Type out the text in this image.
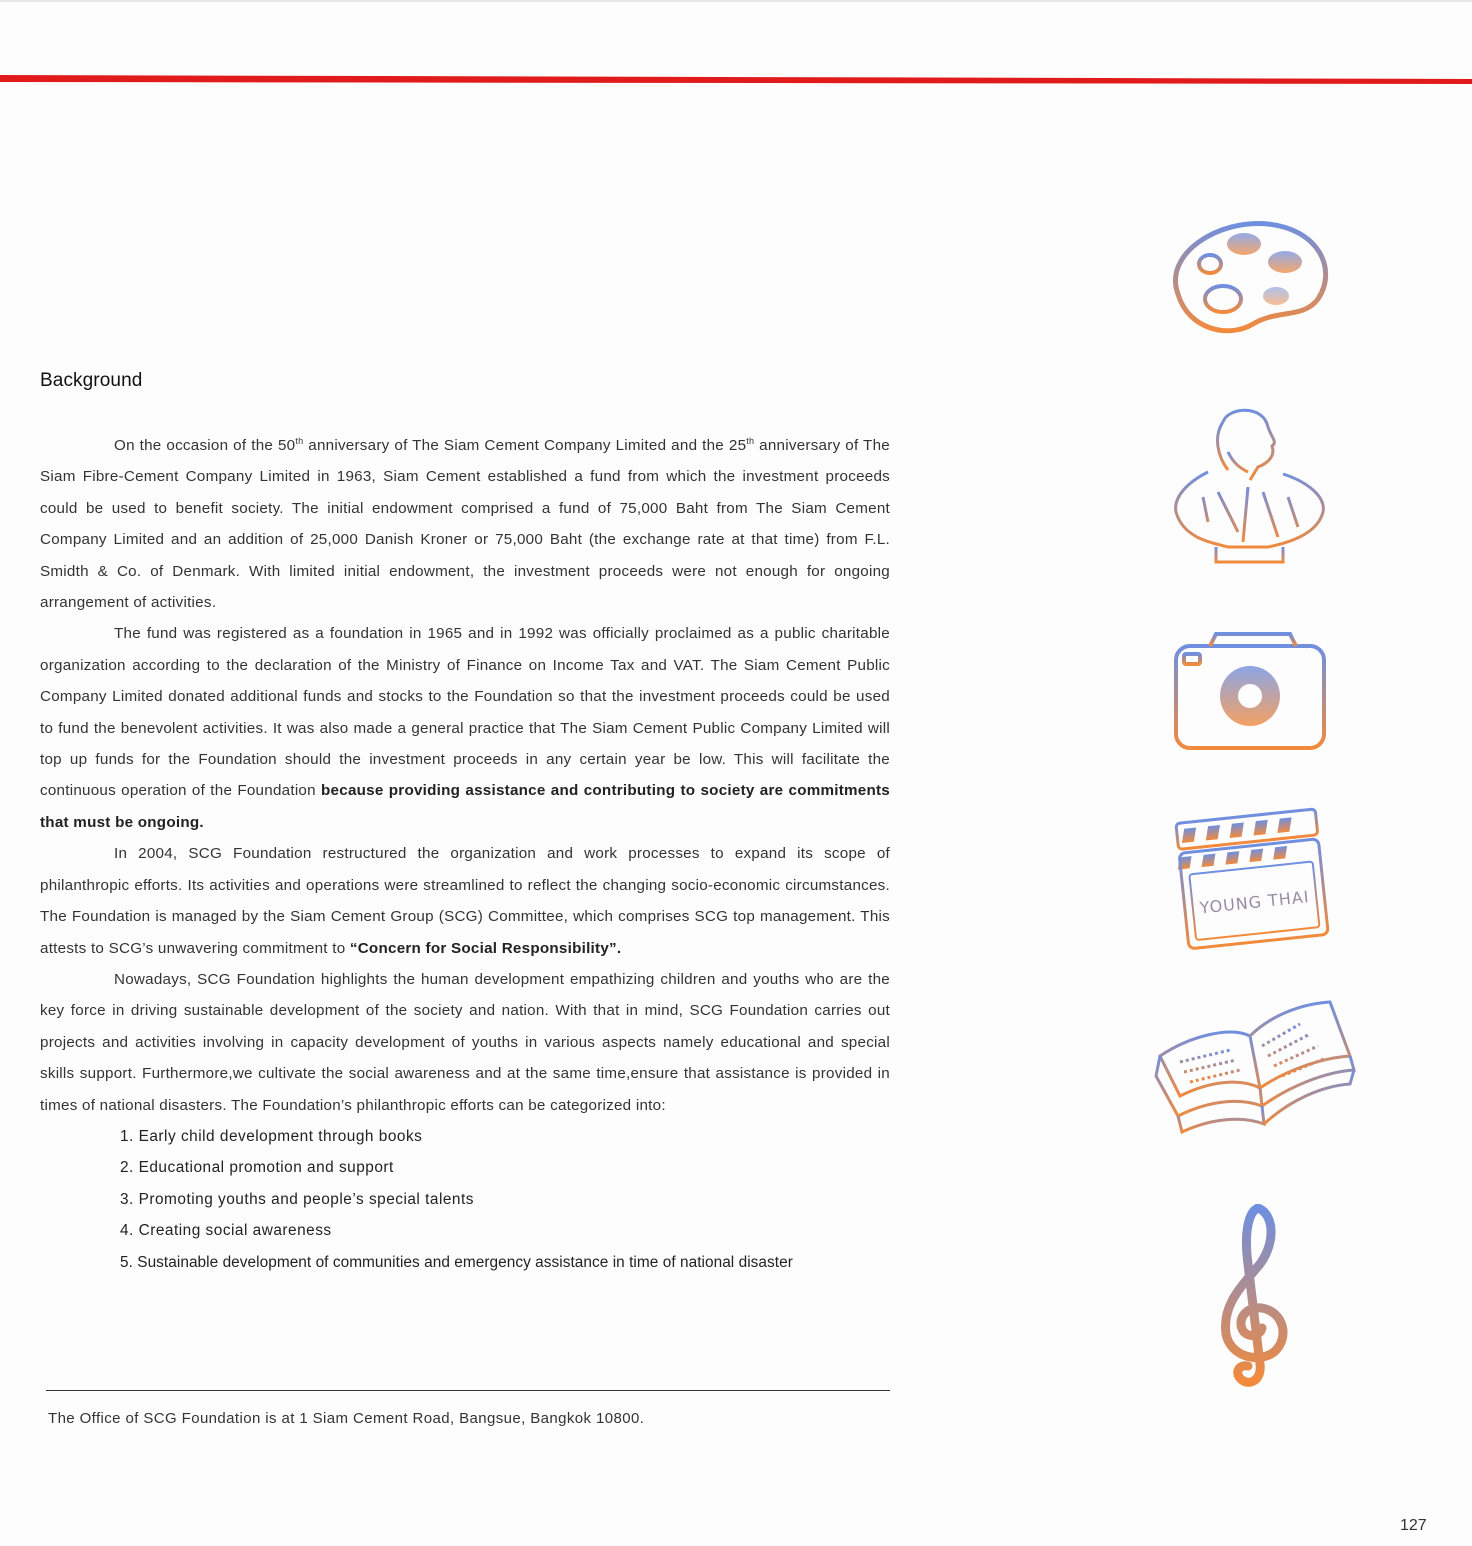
Background

On the occasion of the 50th anniversary of The Siam Cement Company Limited and the 25th anniversary of The Siam Fibre-Cement Company Limited in 1963, Siam Cement established a fund from which the investment proceeds could be used to benefit society. The initial endowment comprised a fund of 75,000 Baht from The Siam Cement Company Limited and an addition of 25,000 Danish Kroner or 75,000 Baht (the exchange rate at that time) from F.L. Smidth & Co. of Denmark. With limited initial endowment, the investment proceeds were not enough for ongoing arrangement of activities.

The fund was registered as a foundation in 1965 and in 1992 was officially proclaimed as a public charitable organization according to the declaration of the Ministry of Finance on Income Tax and VAT. The Siam Cement Public Company Limited donated additional funds and stocks to the Foundation so that the investment proceeds could be used to fund the benevolent activities. It was also made a general practice that The Siam Cement Public Company Limited will top up funds for the Foundation should the investment proceeds in any certain year be low. This will facilitate the continuous operation of the Foundation because providing assistance and contributing to society are commitments that must be ongoing.

In 2004, SCG Foundation restructured the organization and work processes to expand its scope of philanthropic efforts. Its activities and operations were streamlined to reflect the changing socio-economic circumstances. The Foundation is managed by the Siam Cement Group (SCG) Committee, which comprises SCG top management. This attests to SCG’s unwavering commitment to “Concern for Social Responsibility”.

Nowadays, SCG Foundation highlights the human development empathizing children and youths who are the key force in driving sustainable development of the society and nation. With that in mind, SCG Foundation carries out projects and activities involving in capacity development of youths in various aspects namely educational and special skills support. Furthermore,we cultivate the social awareness and at the same time,ensure that assistance is provided in times of national disasters. The Foundation’s philanthropic efforts can be categorized into:

1. Early child development through books
2. Educational promotion and support
3. Promoting youths and people’s special talents
4. Creating social awareness
5. Sustainable development of communities and emergency assistance in time of national disaster
The Office of SCG Foundation is at 1 Siam Cement Road, Bangsue, Bangkok 10800.
127
YOUNG THAI
